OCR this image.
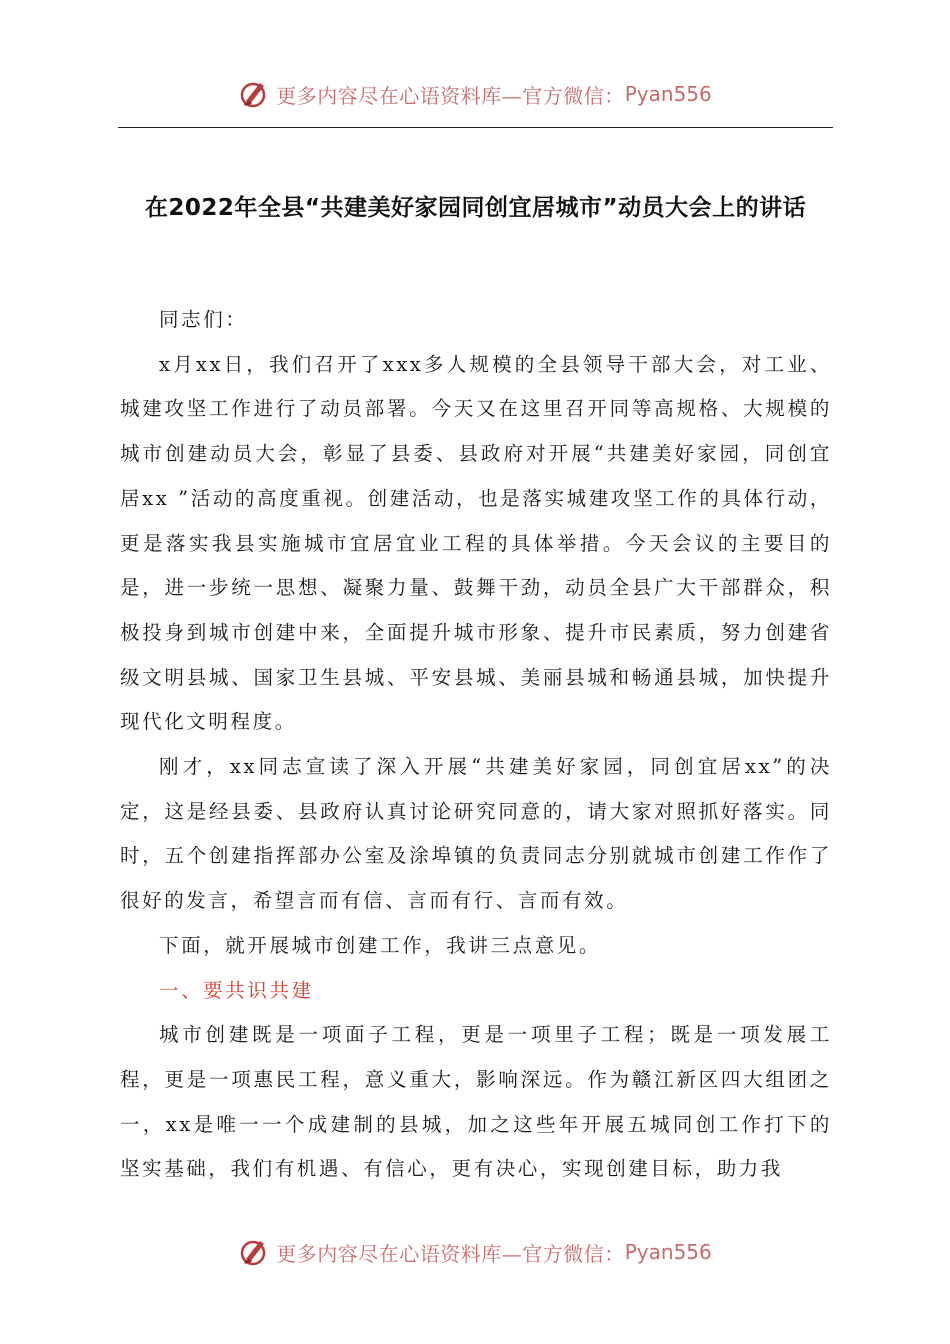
更多内容尽在心语资料库—官方微信： Pyan556
在2022年全县“共建美好家园同创宜居城市”动员大会上的讲话

同志们：

x月xx日，我们召开了xxx多人规模的全县领导干部大会，对工业、城建攻坚工作进行了动员部署。今天又在这里召开同等高规格、大规模的城市创建动员大会，彰显了县委、县政府对开展“共建美好家园，同创宜居xx ”活动的高度重视。创建活动，也是落实城建攻坚工作的具体行动，更是落实我县实施城市宜居宜业工程的具体举措。今天会议的主要目的是，进一步统一思想、凝聚力量、鼓舞干劲，动员全县广大干部群众，积极投身到城市创建中来，全面提升城市形象、提升市民素质，努力创建省级文明县城、国家卫生县城、平安县城、美丽县城和畅通县城，加快提升现代化文明程度。

刚才，xx同志宣读了深入开展“共建美好家园，同创宜居xx”的决定，这是经县委、县政府认真讨论研究同意的，请大家对照抓好落实。同时，五个创建指挥部办公室及涂埠镇的负责同志分别就城市创建工作作了很好的发言，希望言而有信、言而有行、言而有效。

下面，就开展城市创建工作，我讲三点意见。

一、要共识共建

城市创建既是一项面子工程，更是一项里子工程；既是一项发展工程，更是一项惠民工程，意义重大，影响深远。作为赣江新区四大组团之一，xx是唯一一个成建制的县城，加之这些年开展五城同创工作打下的坚实基础，我们有机遇、有信心，更有决心，实现创建目标，助力我

更多内容尽在心语资料库—官方微信： Pyan556
